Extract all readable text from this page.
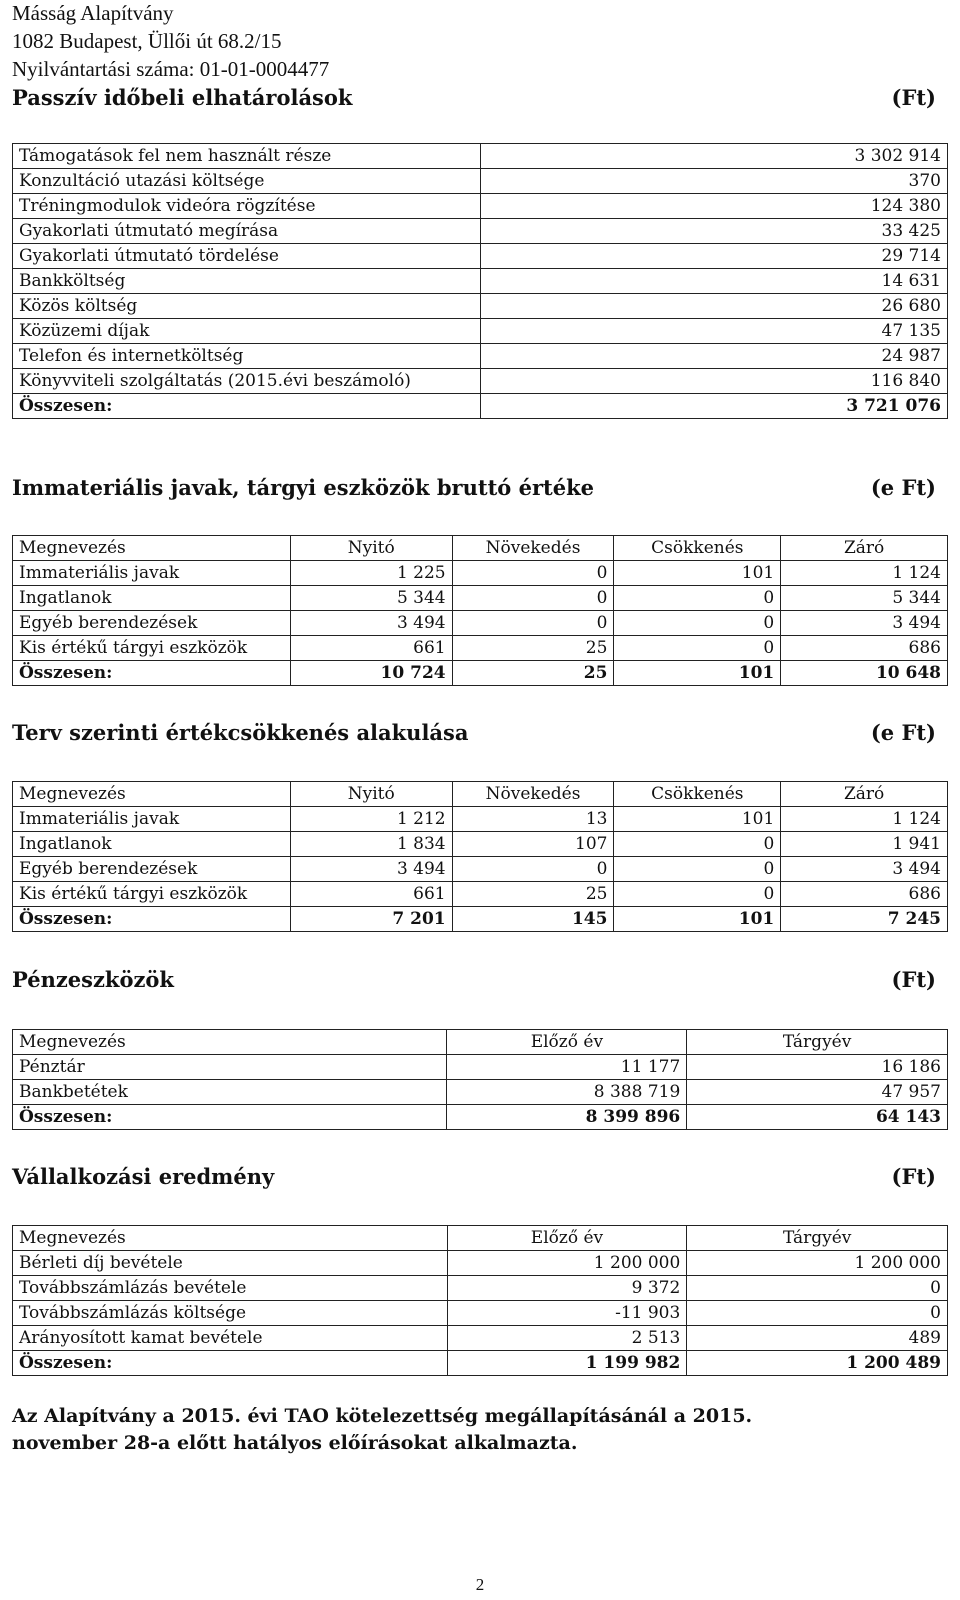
Másság Alapítvány
1082 Budapest, Üllői út 68.2/15
Nyilvántartási száma: 01-01-0004477
Passzív időbeli elhatárolások	(Ft)
Támogatások fel nem használt része	3 302 914
Konzultáció utazási költsége	370
Tréningmodulok videóra rögzítése	124 380
Gyakorlati útmutató megírása	33 425
Gyakorlati útmutató tördelése	29 714
Bankköltség	14 631
Közös költség	26 680
Közüzemi díjak	47 135
Telefon és internetköltség	24 987
Könyvviteli szolgáltatás (2015.évi beszámoló)	116 840
Összesen:	3 721 076
Immateriális javak, tárgyi eszközök bruttó értéke	(e Ft)
Megnevezés	Nyitó	Növekedés	Csökkenés	Záró
Immateriális javak	1 225	0	101	1 124
Ingatlanok	5 344	0	0	5 344
Egyéb berendezések	3 494	0	0	3 494
Kis értékű tárgyi eszközök	661	25	0	686
Összesen:	10 724	25	101	10 648
Terv szerinti értékcsökkenés alakulása	(e Ft)
Megnevezés	Nyitó	Növekedés	Csökkenés	Záró
Immateriális javak	1 212	13	101	1 124
Ingatlanok	1 834	107	0	1 941
Egyéb berendezések	3 494	0	0	3 494
Kis értékű tárgyi eszközök	661	25	0	686
Összesen:	7 201	145	101	7 245
Pénzeszközök	(Ft)
Megnevezés	Előző év	Tárgyév
Pénztár	11 177	16 186
Bankbetétek	8 388 719	47 957
Összesen:	8 399 896	64 143
Vállalkozási eredmény	(Ft)
Megnevezés	Előző év	Tárgyév
Bérleti díj bevétele	1 200 000	1 200 000
Továbbszámlázás bevétele	9 372	0
Továbbszámlázás költsége	-11 903	0
Arányosított kamat bevétele	2 513	489
Összesen:	1 199 982	1 200 489
Az Alapítvány a 2015. évi TAO kötelezettség megállapításánál a 2015.
november 28-a előtt hatályos előírásokat alkalmazta.
2
